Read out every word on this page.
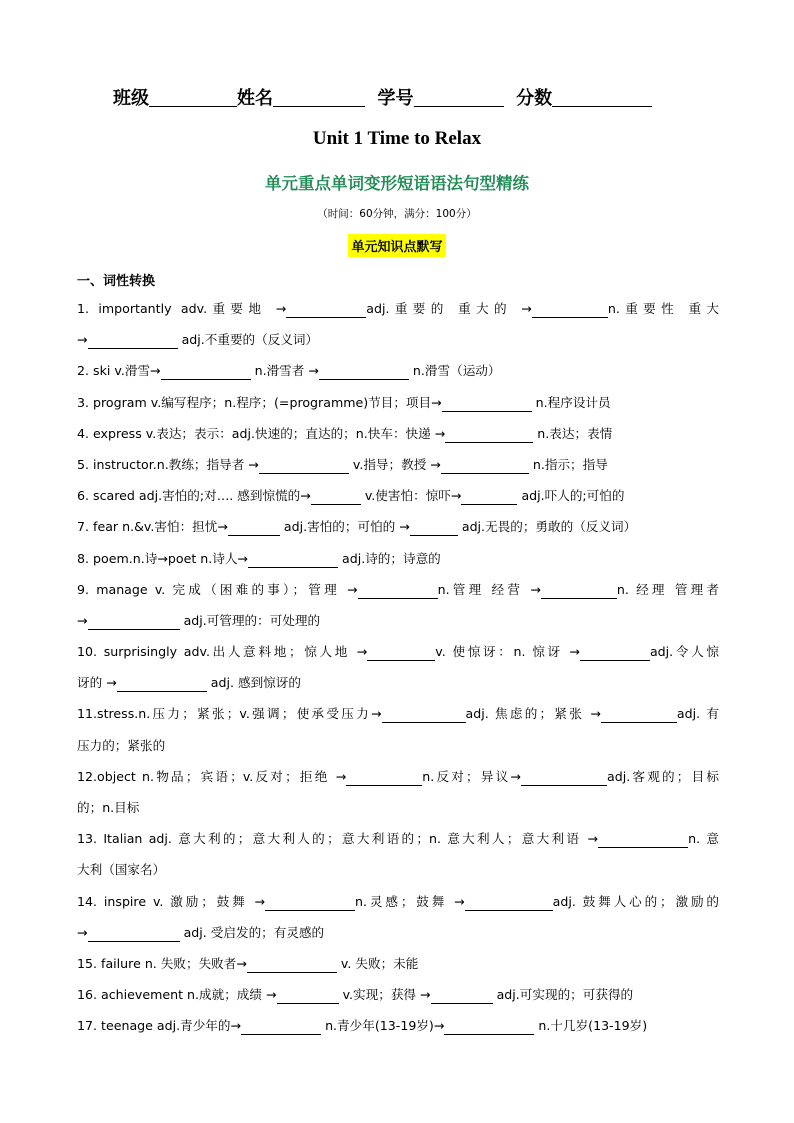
班级	姓名	学号	分数
Unit 1 Time to Relax
单元重点单词变形短语语法句型精练
（时间：60分钟，满分：100分）
单元知识点默写
一、词性转换
1. importantly adv.重要地 →	adj.重要的 重大的 →	n.重要性 重大
→	adj.不重要的（反义词）
2. ski v.滑雪→	n.滑雪者 →	n.滑雪（运动）
3. program v.编写程序；n.程序；(=programme)节目；项目→	n.程序设计员
4. express v.表达；表示：adj.快速的；直达的；n.快车：快递 →	n.表达；表情
5. instructor.n.教练；指导者 →	v.指导；教授 →	n.指示；指导
6. scared adj.害怕的;对…. 感到惊慌的→	v.使害怕：惊吓→	adj.吓人的;可怕的
7. fear n.&v.害怕：担忧→	adj.害怕的；可怕的 →	adj.无畏的；勇敢的（反义词）
8. poem.n.诗→poet n.诗人→	adj.诗的；诗意的
9. manage v. 完成（困难的事）；管理 →	n.管理 经营 →	n. 经理 管理者
→	adj.可管理的：可处理的
10. surprisingly adv.出人意料地；惊人地 →	v. 使惊讶：n. 惊讶 →	adj.令人惊
讶的 →	adj. 感到惊讶的
11.stress.n.压力；紧张；v.强调；使承受压力→	adj. 焦虑的；紧张 →	adj. 有
压力的；紧张的
12.object n.物品；宾语；v.反对；拒绝 →	n.反对；异议→	adj.客观的；目标
的；n.目标
13. Italian adj. 意大利的；意大利人的；意大利语的；n. 意大利人；意大利语 →	n. 意
大利（国家名）
14. inspire v. 激励；鼓舞 →	n.灵感；鼓舞 →	adj. 鼓舞人心的；激励的
→	adj. 受启发的；有灵感的
15. failure n. 失败；失败者→	v. 失败；未能
16. achievement n.成就；成绩 →	v.实现；获得 →	adj.可实现的；可获得的
17. teenage adj.青少年的→	n.青少年(13-19岁)→	n.十几岁(13-19岁)
